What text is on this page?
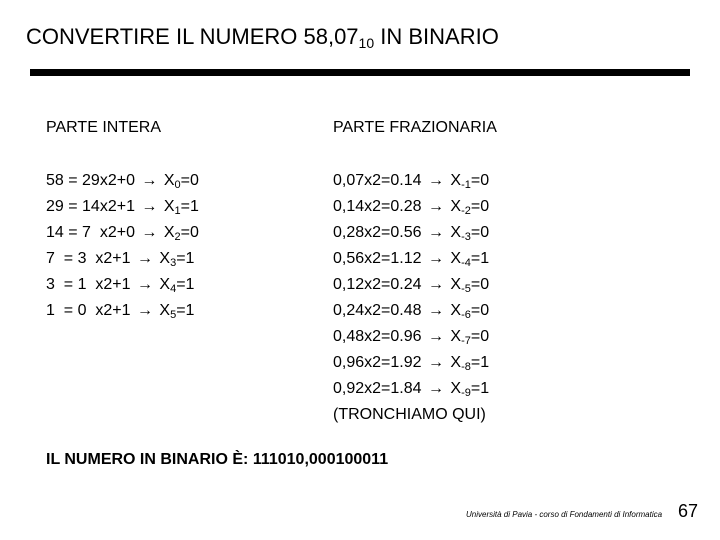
CONVERTIRE IL NUMERO $58,07_{10}$ IN BINARIO
PARTE INTERA
$58 = 29x2+0 \to X_0=0$
$29 = 14x2+1 \to X_1=1$
14 = 7  $x2+0 \to X_2=0$
7  = 3  $x2+1 \to X_3=1$
3  = 1  $x2+1 \to X_4=1$
1  = 0  $x2+1 \to X_5=1$
PARTE FRAZIONARIA
$0,07x2=0.14 \to X_{-1}=0$
$0,14x2=0.28 \to X_{-2}=0$
$0,28x2=0.56 \to X_{-3}=0$
$0,56x2=1.12 \to X_{-4}=1$
$0,12x2=0.24 \to X_{-5}=0$
$0,24x2=0.48 \to X_{-6}=0$
$0,48x2=0.96 \to X_{-7}=0$
$0,96x2=1.92 \to X_{-8}=1$
$0,92x2=1.84 \to X_{-9}=1$
(TRONCHIAMO QUI)
IL NUMERO IN BINARIO È: 111010,000100011
Università di Pavia - corso di Fondamenti di Informatica 67
